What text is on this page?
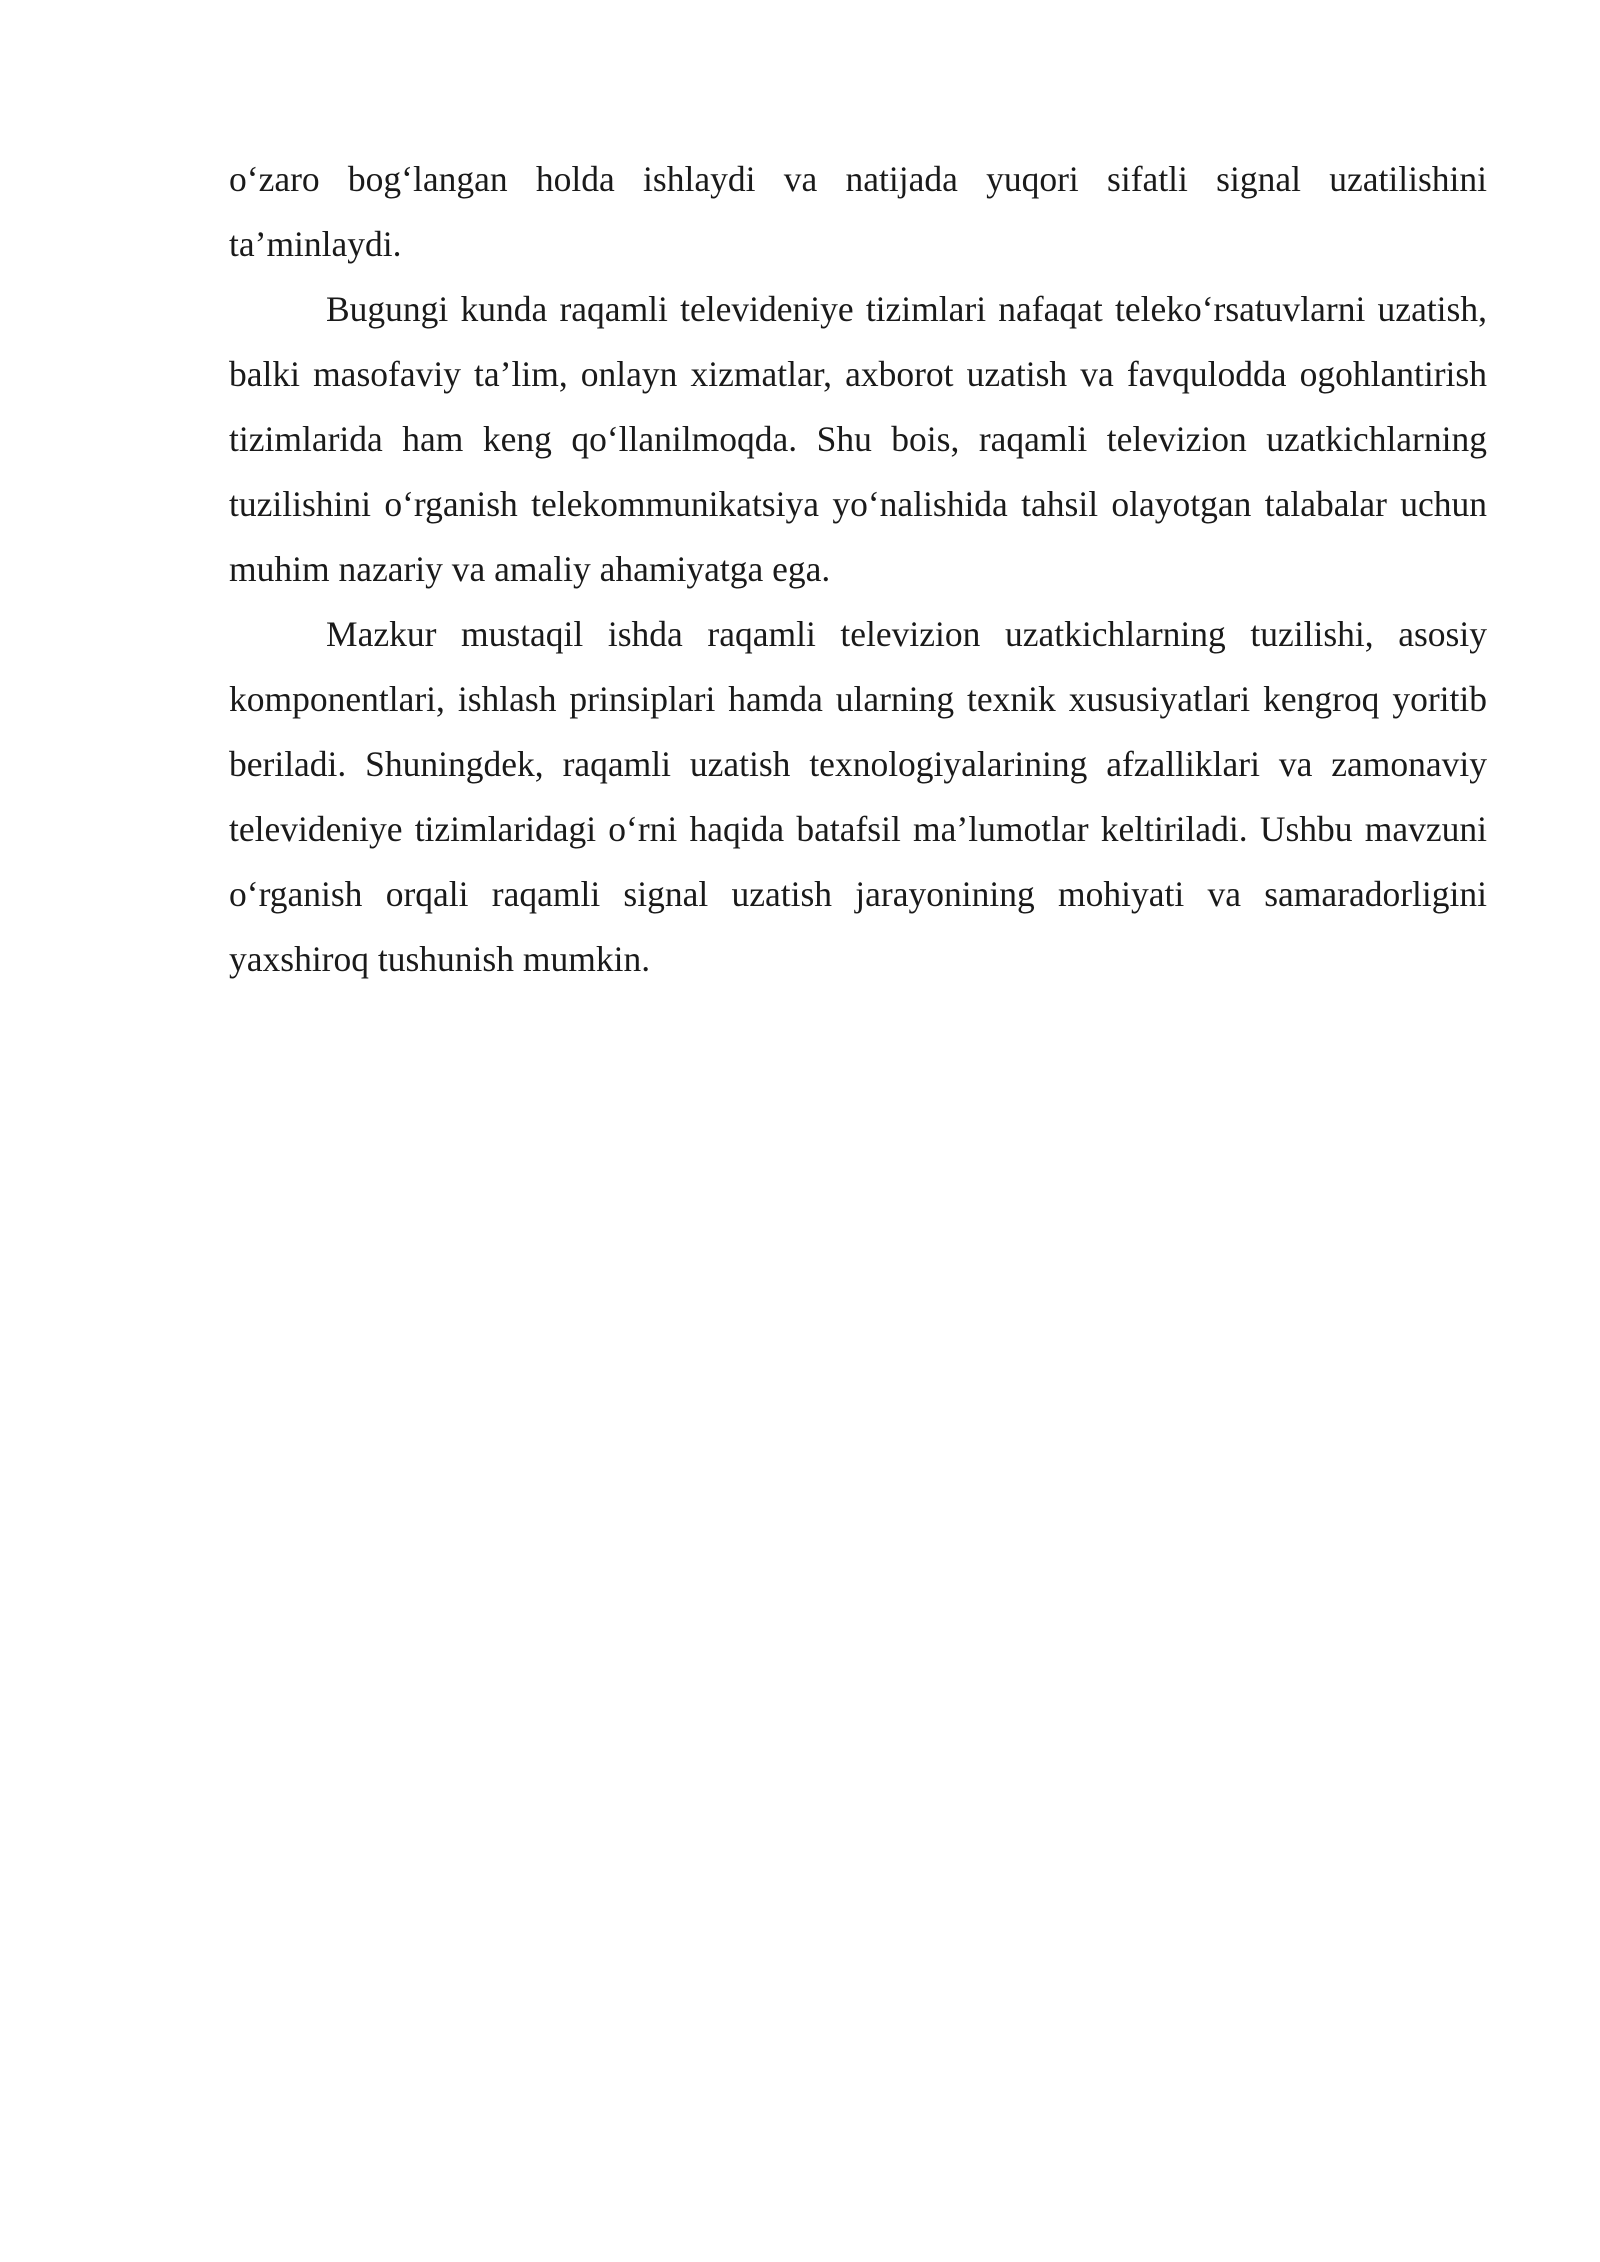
o‘zaro bog‘langan holda ishlaydi va natijada yuqori sifatli signal uzatilishini ta’minlaydi.

Bugungi kunda raqamli televideniye tizimlari nafaqat teleko‘rsatuvlarni uzatish, balki masofaviy ta’lim, onlayn xizmatlar, axborot uzatish va favqulodda ogohlantirish tizimlarida ham keng qo‘llanilmoqda. Shu bois, raqamli televizion uzatkichlarning tuzilishini o‘rganish telekommunikatsiya yo‘nalishida tahsil olayotgan talabalar uchun muhim nazariy va amaliy ahamiyatga ega.

Mazkur mustaqil ishda raqamli televizion uzatkichlarning tuzilishi, asosiy komponentlari, ishlash prinsiplari hamda ularning texnik xususiyatlari kengroq yoritib beriladi. Shuningdek, raqamli uzatish texnologiyalarining afzalliklari va zamonaviy televideniye tizimlaridagi o‘rni haqida batafsil ma’lumotlar keltiriladi. Ushbu mavzuni o‘rganish orqali raqamli signal uzatish jarayonining mohiyati va samaradorligini yaxshiroq tushunish mumkin.
